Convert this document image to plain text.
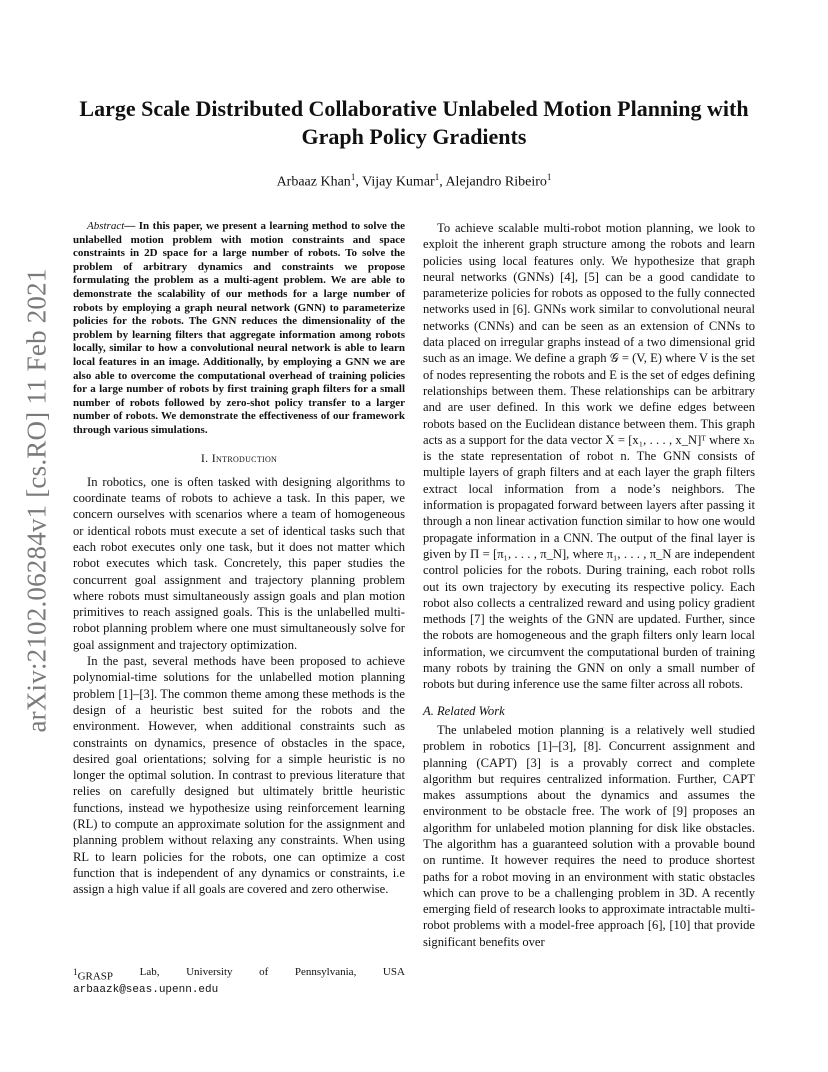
arXiv:2102.06284v1 [cs.RO] 11 Feb 2021
Large Scale Distributed Collaborative Unlabeled Motion Planning with Graph Policy Gradients
Arbaaz Khan$^1$, Vijay Kumar$^1$, Alejandro Ribeiro$^1$

Abstract— In this paper, we present a learning method to solve the unlabelled motion problem with motion constraints and space constraints in 2D space for a large number of robots. To solve the problem of arbitrary dynamics and constraints we propose formulating the problem as a multi-agent problem. We are able to demonstrate the scalability of our methods for a large number of robots by employing a graph neural network (GNN) to parameterize policies for the robots. The GNN reduces the dimensionality of the problem by learning filters that aggregate information among robots locally, similar to how a convolutional neural network is able to learn local features in an image. Additionally, by employing a GNN we are also able to overcome the computational overhead of training policies for a large number of robots by first training graph filters for a small number of robots followed by zero-shot policy transfer to a larger number of robots. We demonstrate the effectiveness of our framework through various simulations.

I. Introduction

In robotics, one is often tasked with designing algorithms to coordinate teams of robots to achieve a task. In this paper, we concern ourselves with scenarios where a team of homogeneous or identical robots must execute a set of identical tasks such that each robot executes only one task, but it does not matter which robot executes which task. Concretely, this paper studies the concurrent goal assignment and trajectory planning problem where robots must simultaneously assign goals and plan motion primitives to reach assigned goals. This is the unlabelled multi-robot planning problem where one must simultaneously solve for goal assignment and trajectory optimization.

In the past, several methods have been proposed to achieve polynomial-time solutions for the unlabelled motion planning problem [1]–[3]. The common theme among these methods is the design of a heuristic best suited for the robots and the environment. However, when additional constraints such as constraints on dynamics, presence of obstacles in the space, desired goal orientations; solving for a simple heuristic is no longer the optimal solution. In contrast to previous literature that relies on carefully designed but ultimately brittle heuristic functions, instead we hypothesize using reinforcement learning (RL) to compute an approximate solution for the assignment and planning problem without relaxing any constraints. When using RL to learn policies for the robots, one can optimize a cost function that is independent of any dynamics or constraints, i.e assign a high value if all goals are covered and zero otherwise.

$^1$GRASP Lab, University of Pennsylvania, USA
arbaazk@seas.upenn.edu

To achieve scalable multi-robot motion planning, we look to exploit the inherent graph structure among the robots and learn policies using local features only. We hypothesize that graph neural networks (GNNs) [4], [5] can be a good candidate to parameterize policies for robots as opposed to the fully connected networks used in [6]. GNNs work similar to convolutional neural networks (CNNs) and can be seen as an extension of CNNs to data placed on irregular graphs instead of a two dimensional grid such as an image. We define a graph 𝒢 = (V, E) where V is the set of nodes representing the robots and E is the set of edges defining relationships between them. These relationships can be arbitrary and are user defined. In this work we define edges between robots based on the Euclidean distance between them. This graph acts as a support for the data vector X = [x₁, . . . , x_N]ᵀ where xₙ is the state representation of robot n. The GNN consists of multiple layers of graph filters and at each layer the graph filters extract local information from a node’s neighbors. The information is propagated forward between layers after passing it through a non linear activation function similar to how one would propagate information in a CNN. The output of the final layer is given by Π = [π₁, . . . , π_N], where π₁, . . . , π_N are independent control policies for the robots. During training, each robot rolls out its own trajectory by executing its respective policy. Each robot also collects a centralized reward and using policy gradient methods [7] the weights of the GNN are updated. Further, since the robots are homogeneous and the graph filters only learn local information, we circumvent the computational burden of training many robots by training the GNN on only a small number of robots but during inference use the same filter across all robots.

A. Related Work

The unlabeled motion planning is a relatively well studied problem in robotics [1]–[3], [8]. Concurrent assignment and planning (CAPT) [3] is a provably correct and complete algorithm but requires centralized information. Further, CAPT makes assumptions about the dynamics and assumes the environment to be obstacle free. The work of [9] proposes an algorithm for unlabeled motion planning for disk like obstacles. The algorithm has a guaranteed solution with a provable bound on runtime. It however requires the need to produce shortest paths for a robot moving in an environment with static obstacles which can prove to be a challenging problem in 3D. A recently emerging field of research looks to approximate intractable multi-robot problems with a model-free approach [6], [10] that provide significant benefits over
